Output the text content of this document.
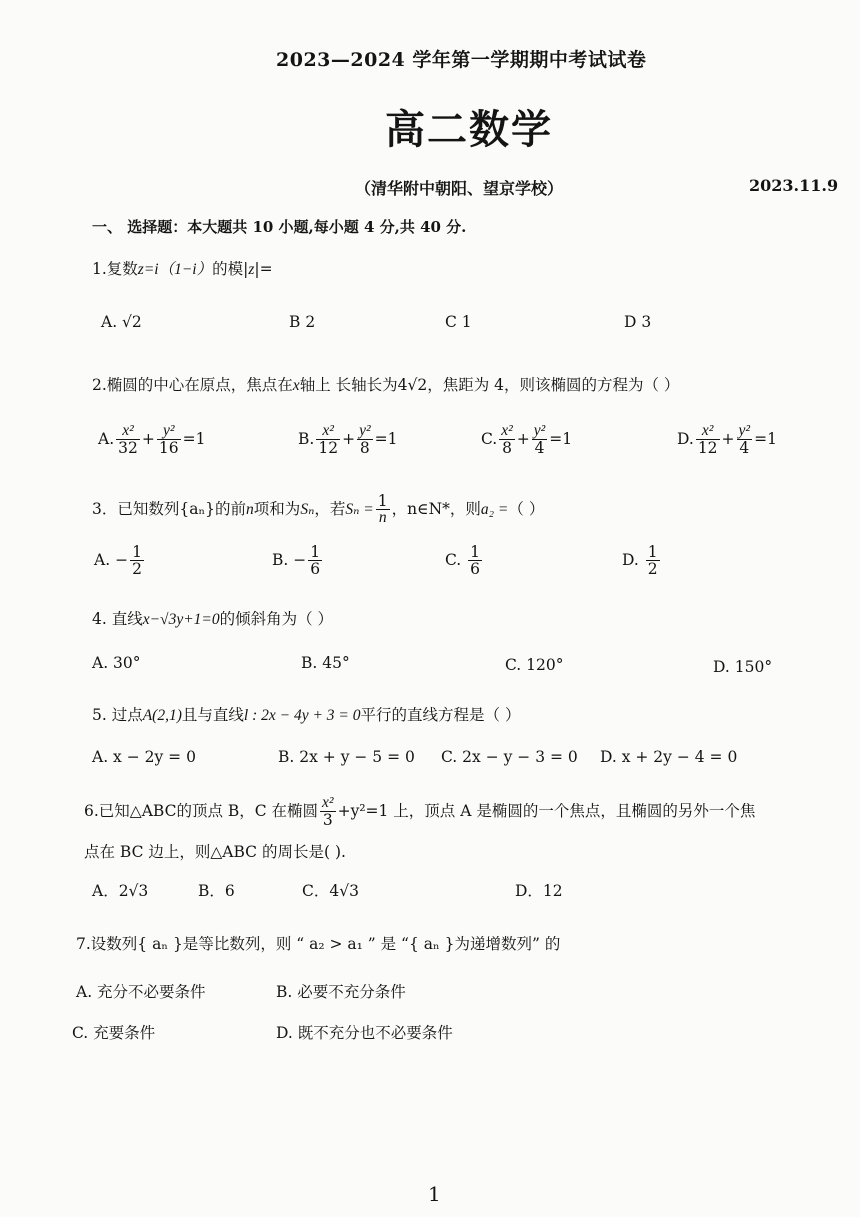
2023—2024 学年第一学期期中考试试卷
高二数学
（清华附中朝阳、望京学校）	2023.11.9
一、 选择题：本大题共 10 小题,每小题 4 分,共 40 分.
1.复数z=i（1−i）的模|z|=
A. √2	B 2	C 1	D 3
2.椭圆的中心在原点，焦点在x轴上 长轴长为4√2，焦距为 4，则该椭圆的方程为（ ）
A. $\frac{\text{x²}}{32} + \frac{\text{y²}}{16} =1$	B. $\frac{\text{x²}}{12} + \frac{\text{y²}}{8} =1$	C. $\frac{\text{x²}}{8} + \frac{\text{y²}}{4} =1$	D. $\frac{\text{x²}}{12} + \frac{\text{y²}}{4} =1$
3．已知数列{aₙ}的前n项和为Sₙ，若$S_n = \frac{1}{n}$ ，n∈N*，则a₂ =（ ）
A. − $\frac{1}{2}$	B. − $\frac{1}{6}$	C. $\frac{1}{6}$	D. $\frac{1}{2}$
4. 直线x−√3y+1=0的倾斜角为（ ）
A. 30°	B. 45°	C. 120°	D. 150°
5. 过点A(2,1)且与直线l : 2x − 4y + 3 = 0平行的直线方程是（ ）
A. x − 2y = 0	B. 2x + y − 5 = 0 C. 2x − y − 3 = 0 D. x + 2y − 4 = 0
6.已知△ABC的顶点 B，C 在椭圆 $\frac{\text{x²}}{3} +y^2=1$ 上，顶点 A 是椭圆的一个焦点，且椭圆的另外一个焦
点在 BC 边上，则△ABC 的周长是( ).
A．2√3	B．6	C．4√3	D．12
7.设数列{ aₙ }是等比数列，则 “ a₂ > a₁ ” 是 “{ aₙ }为递增数列” 的
A. 充分不必要条件	B. 必要不充分条件
C. 充要条件	D. 既不充分也不必要条件
1
